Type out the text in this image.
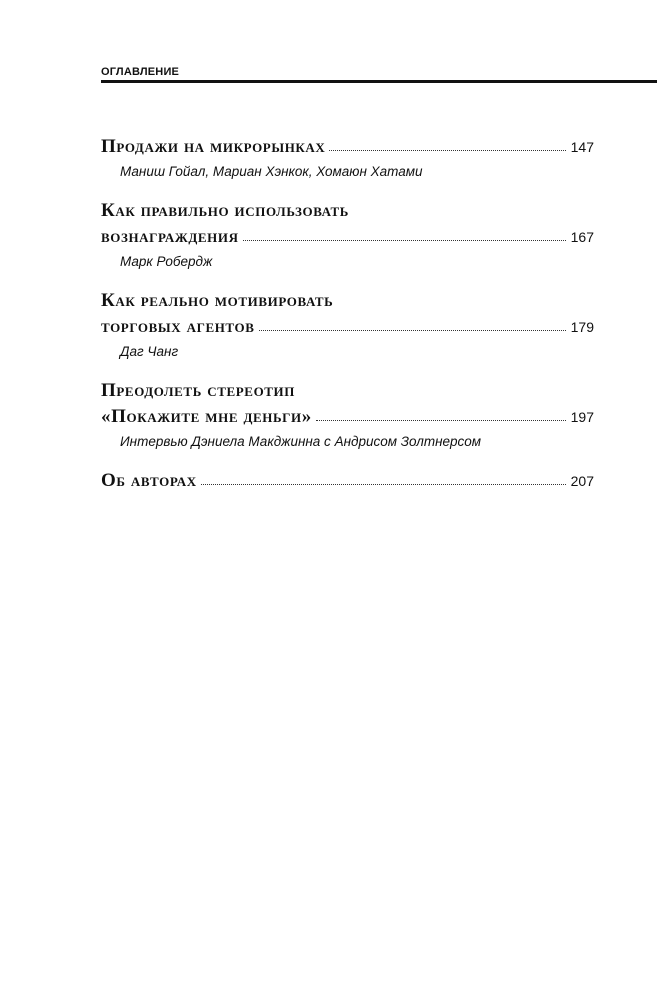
ОГЛАВЛЕНИЕ
Продажи на микрорынках	147
Маниш Гойал, Мариан Хэнкок, Хомаюн Хатами
Как правильно использовать
вознаграждения	167
Марк Робердж
Как реально мотивировать
торговых агентов	179
Даг Чанг
Преодолеть стереотип
«Покажите мне деньги»	197
Интервью Дэниела Макджинна с Андрисом Золтнерсом
Об авторах	207
